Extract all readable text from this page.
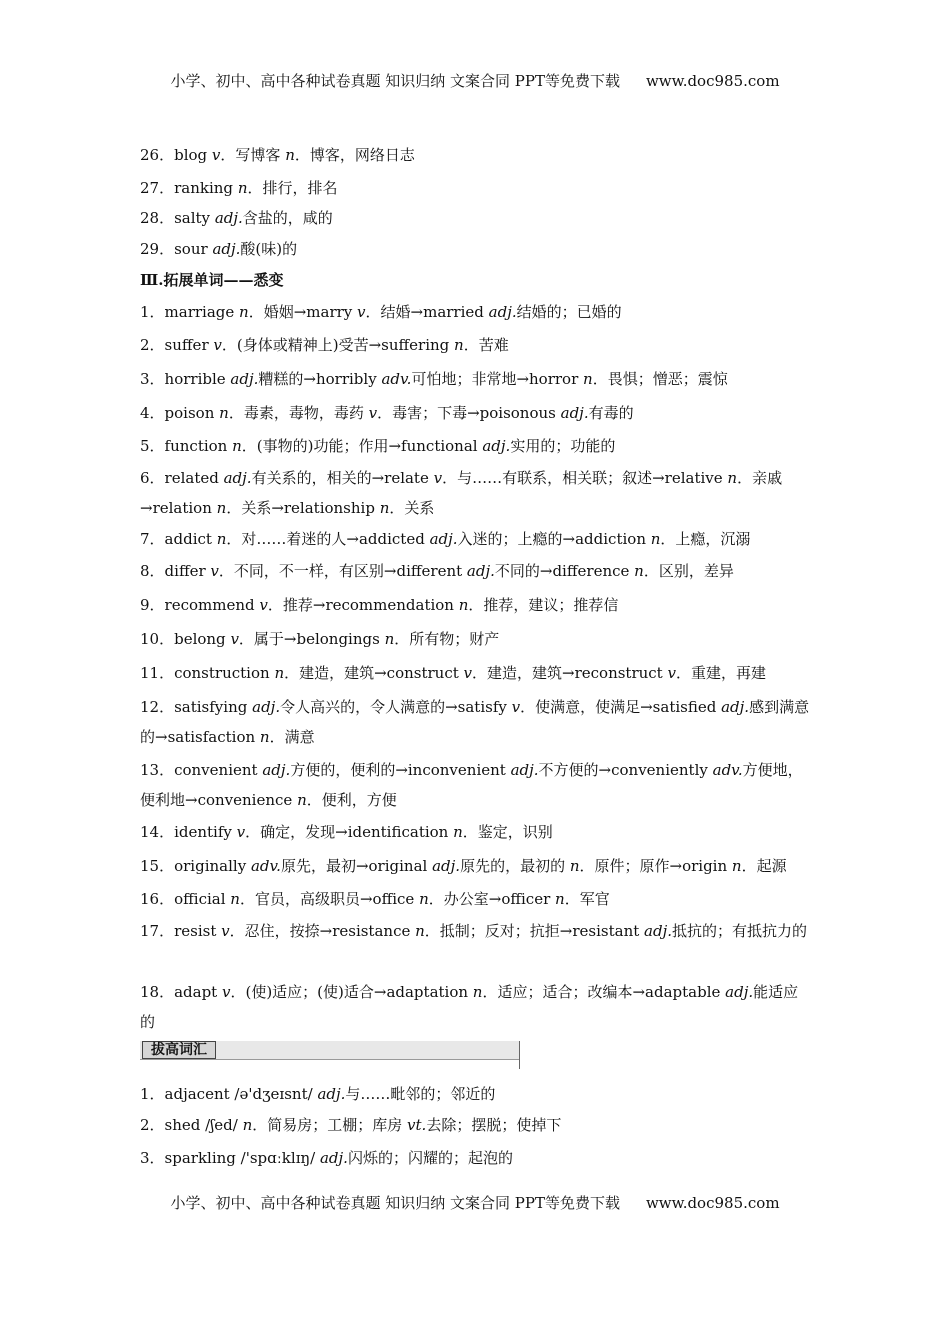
小学、初中、高中各种试卷真题 知识归纳 文案合同 PPT等免费下载 www.doc985.com
26．blog v．写博客 n．博客，网络日志
27．ranking n．排行，排名
28．salty adj.含盐的，咸的
29．sour adj.酸(味)的
Ⅲ.拓展单词——悉变
1．marriage n．婚姻→marry v．结婚→married adj.结婚的；已婚的
2．suffer v．(身体或精神上)受苦→suffering n．苦难
3．horrible adj.糟糕的→horribly adv.可怕地；非常地→horror n．畏惧；憎恶；震惊
4．poison n．毒素，毒物，毒药 v．毒害；下毒→poisonous adj.有毒的
5．function n．(事物的)功能；作用→functional adj.实用的；功能的
6．related adj.有关系的，相关的→relate v．与……有联系，相关联；叙述→relative n．亲戚→relation n．关系→relationship n．关系
7．addict n．对……着迷的人→addicted adj.入迷的；上瘾的→addiction n．上瘾，沉溺
8．differ v．不同，不一样，有区别→different adj.不同的→difference n．区别，差异
9．recommend v．推荐→recommendation n．推荐，建议；推荐信
10．belong v．属于→belongings n．所有物；财产
11．construction n．建造，建筑→construct v．建造，建筑→reconstruct v．重建，再建
12．satisfying adj.令人高兴的，令人满意的→satisfy v．使满意，使满足→satisfied adj.感到满意的→satisfaction n．满意
13．convenient adj.方便的，便利的→inconvenient adj.不方便的→conveniently adv.方便地，便利地→convenience n．便利，方便
14．identify v．确定，发现→identification n．鉴定，识别
15．originally adv.原先，最初→original adj.原先的，最初的 n．原件；原作→origin n．起源
16．official n．官员，高级职员→office n．办公室→officer n．军官
17．resist v．忍住，按捺→resistance n．抵制；反对；抗拒→resistant adj.抵抗的；有抵抗力的
18．adapt v．(使)适应；(使)适合→adaptation n．适应；适合；改编本→adaptable adj.能适应的
拔高词汇
1．adjacent /ə'dʒeɪsnt/ adj.与……毗邻的；邻近的
2．shed /ʃed/ n．简易房；工棚；库房 vt.去除；摆脱；使掉下
3．sparkling /'spɑːklɪŋ/ adj.闪烁的；闪耀的；起泡的
小学、初中、高中各种试卷真题 知识归纳 文案合同 PPT等免费下载 www.doc985.com
